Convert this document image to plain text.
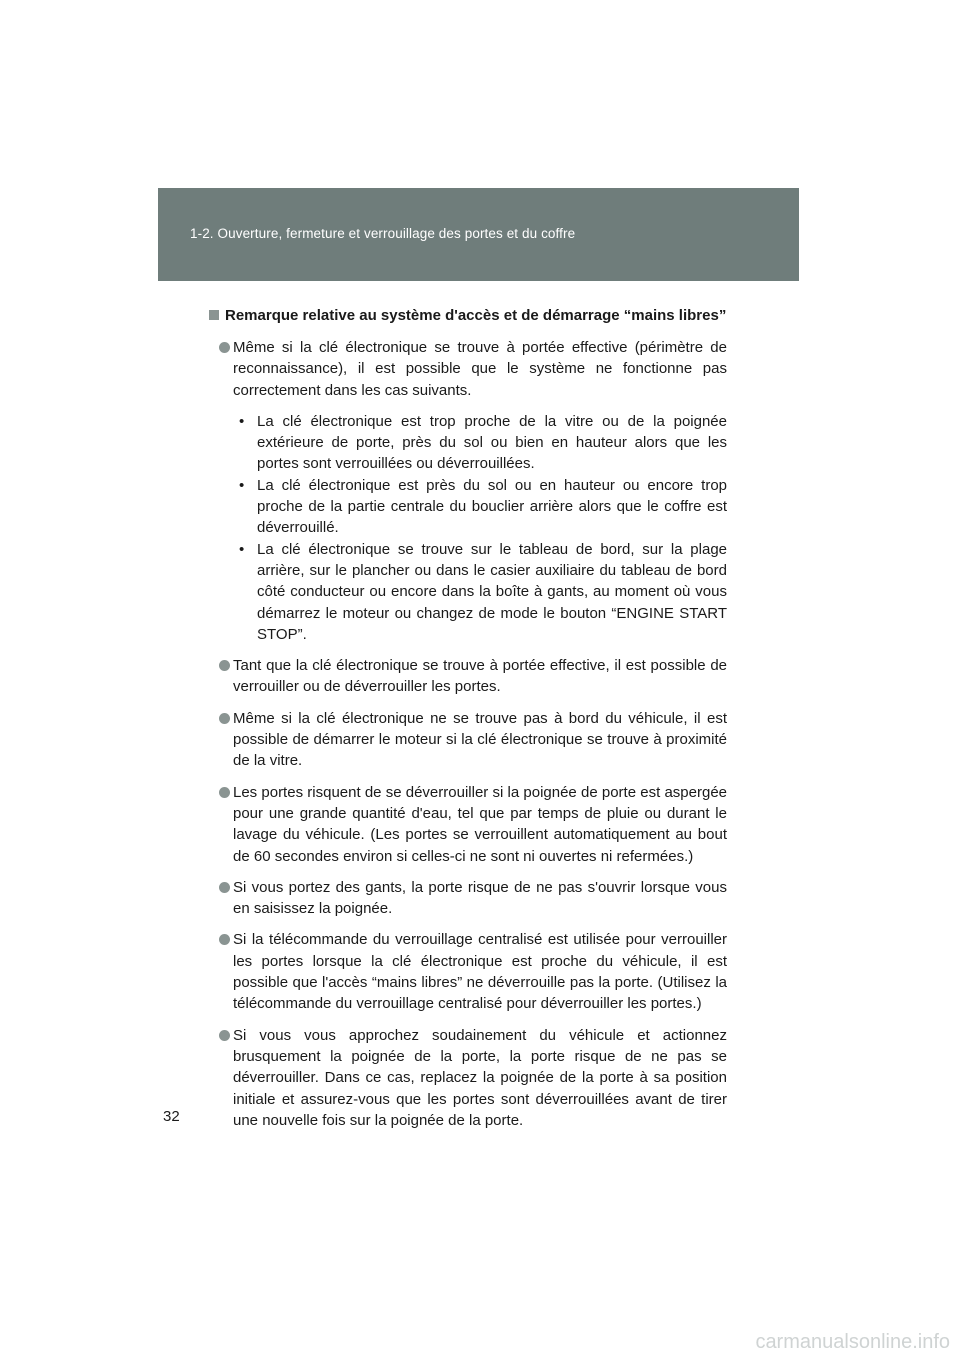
1-2. Ouverture, fermeture et verrouillage des portes et du coffre
Remarque relative au système d'accès et de démarrage “mains libres”
Même si la clé électronique se trouve à portée effective (périmètre de reconnaissance), il est possible que le système ne fonctionne pas correctement dans les cas suivants.
• La clé électronique est trop proche de la vitre ou de la poignée extérieure de porte, près du sol ou bien en hauteur alors que les portes sont verrouillées ou déverrouillées.
• La clé électronique est près du sol ou en hauteur ou encore trop proche de la partie centrale du bouclier arrière alors que le coffre est déverrouillé.
• La clé électronique se trouve sur le tableau de bord, sur la plage arrière, sur le plancher ou dans le casier auxiliaire du tableau de bord côté conducteur ou encore dans la boîte à gants, au moment où vous démarrez le moteur ou changez de mode le bouton “ENGINE START STOP”.
Tant que la clé électronique se trouve à portée effective, il est possible de verrouiller ou de déverrouiller les portes.
Même si la clé électronique ne se trouve pas à bord du véhicule, il est possible de démarrer le moteur si la clé électronique se trouve à proximité de la vitre.
Les portes risquent de se déverrouiller si la poignée de porte est aspergée pour une grande quantité d'eau, tel que par temps de pluie ou durant le lavage du véhicule. (Les portes se verrouillent automatiquement au bout de 60 secondes environ si celles-ci ne sont ni ouvertes ni refermées.)
Si vous portez des gants, la porte risque de ne pas s'ouvrir lorsque vous en saisissez la poignée.
Si la télécommande du verrouillage centralisé est utilisée pour verrouiller les portes lorsque la clé électronique est proche du véhicule, il est possible que l'accès “mains libres” ne déverrouille pas la porte. (Utilisez la télécommande du verrouillage centralisé pour déverrouiller les portes.)
Si vous vous approchez soudainement du véhicule et actionnez brusquement la poignée de la porte, la porte risque de ne pas se déverrouiller. Dans ce cas, replacez la poignée de la porte à sa position initiale et assurez-vous que les portes sont déverrouillées avant de tirer une nouvelle fois sur la poignée de la porte.
32
carmanualsonline.info
